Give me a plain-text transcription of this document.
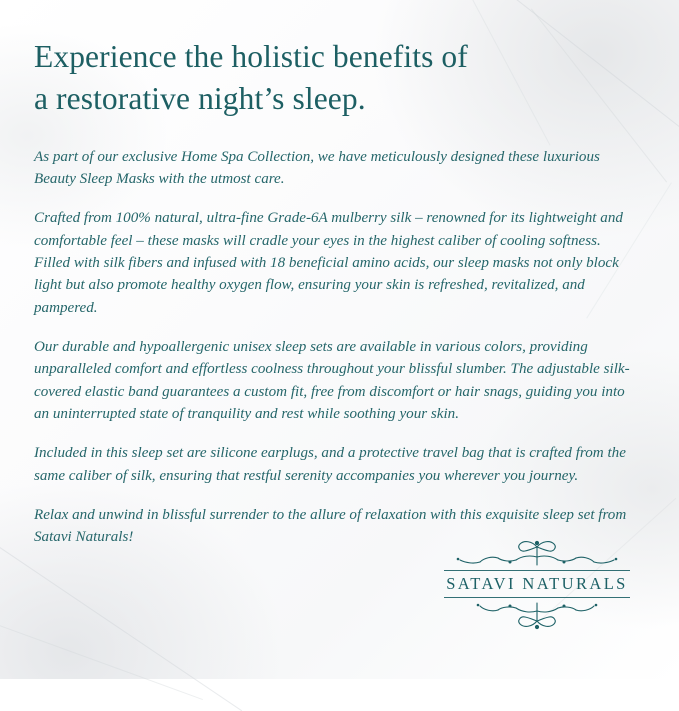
Experience the holistic benefits of
a restorative night’s sleep.

As part of our exclusive Home Spa Collection, we have meticulously designed these luxurious Beauty Sleep Masks with the utmost care.

Crafted from 100% natural, ultra-fine Grade-6A mulberry silk – renowned for its lightweight and comfortable feel – these masks will cradle your eyes in the highest caliber of cooling softness. Filled with silk fibers and infused with 18 beneficial amino acids, our sleep masks not only block light but also promote healthy oxygen flow, ensuring your skin is refreshed, revitalized, and pampered.

Our durable and hypoallergenic unisex sleep sets are available in various colors, providing unparalleled comfort and effortless coolness throughout your blissful slumber. The adjustable silk-covered elastic band guarantees a custom fit, free from discomfort or hair snags, guiding you into an uninterrupted state of tranquility and rest while soothing your skin.

Included in this sleep set are silicone earplugs, and a protective travel bag that is crafted from the same caliber of silk, ensuring that restful serenity accompanies you wherever you journey.

Relax and unwind in blissful surrender to the allure of relaxation with this exquisite sleep set from Satavi Naturals!

SATAVI NATURALS
